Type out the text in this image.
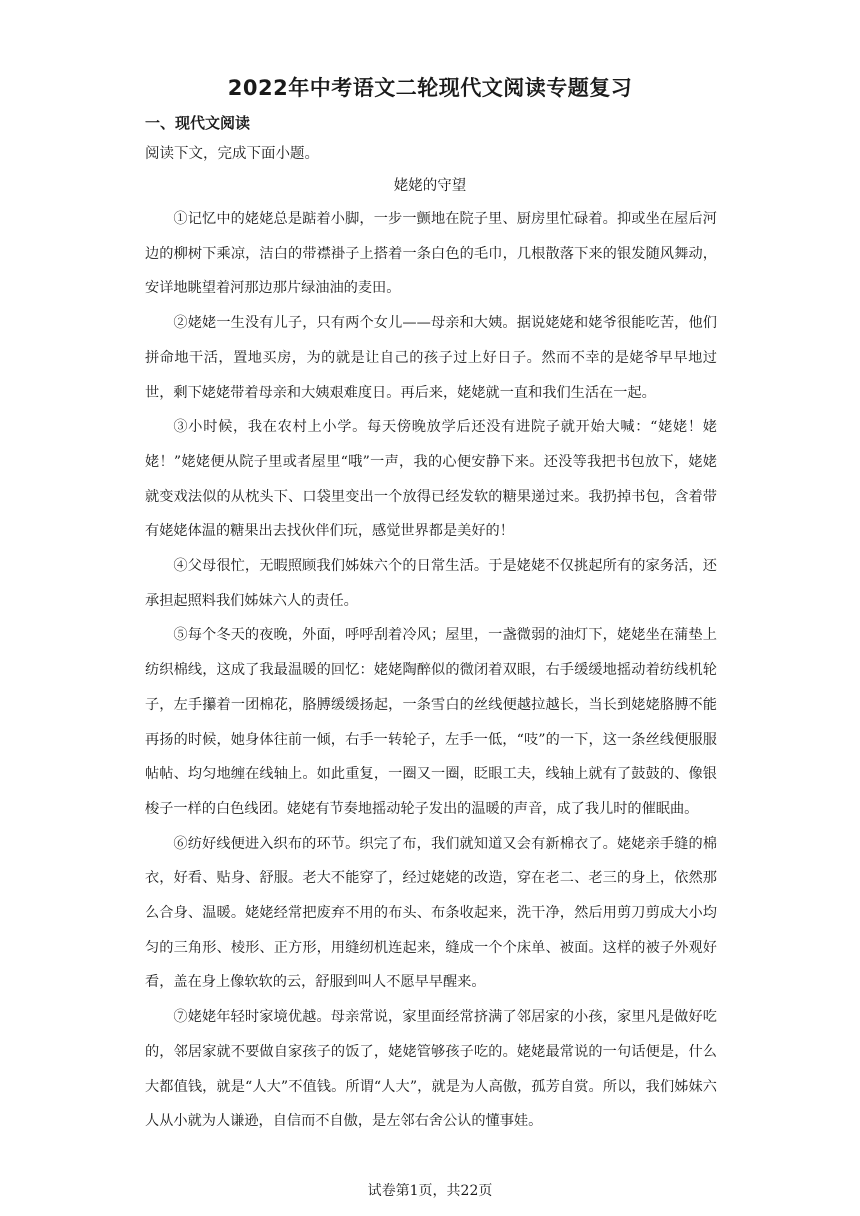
2022年中考语文二轮现代文阅读专题复习
一、现代文阅读
阅读下文，完成下面小题。
姥姥的守望

①记忆中的姥姥总是踮着小脚，一步一颤地在院子里、厨房里忙碌着。抑或坐在屋后河边的柳树下乘凉，洁白的带襟褂子上搭着一条白色的毛巾，几根散落下来的银发随风舞动，安详地眺望着河那边那片绿油油的麦田。

②姥姥一生没有儿子，只有两个女儿——母亲和大姨。据说姥姥和姥爷很能吃苦，他们拼命地干活，置地买房，为的就是让自己的孩子过上好日子。然而不幸的是姥爷早早地过世，剩下姥姥带着母亲和大姨艰难度日。再后来，姥姥就一直和我们生活在一起。

③小时候，我在农村上小学。每天傍晚放学后还没有进院子就开始大喊：“姥姥！姥姥！”姥姥便从院子里或者屋里“哦”一声，我的心便安静下来。还没等我把书包放下，姥姥就变戏法似的从枕头下、口袋里变出一个放得已经发软的糖果递过来。我扔掉书包，含着带有姥姥体温的糖果出去找伙伴们玩，感觉世界都是美好的！

④父母很忙，无暇照顾我们姊妹六个的日常生活。于是姥姥不仅挑起所有的家务活，还承担起照料我们姊妹六人的责任。

⑤每个冬天的夜晚，外面，呼呼刮着冷风；屋里，一盏微弱的油灯下，姥姥坐在蒲垫上纺织棉线，这成了我最温暖的回忆：姥姥陶醉似的微闭着双眼，右手缓缓地摇动着纺线机轮子，左手攥着一团棉花，胳膊缓缓扬起，一条雪白的丝线便越拉越长，当长到姥姥胳膊不能再扬的时候，她身体往前一倾，右手一转轮子，左手一低，“吱”的一下，这一条丝线便服服帖帖、均匀地缠在线轴上。如此重复，一圈又一圈，眨眼工夫，线轴上就有了鼓鼓的、像银梭子一样的白色线团。姥姥有节奏地摇动轮子发出的温暖的声音，成了我儿时的催眠曲。

⑥纺好线便进入织布的环节。织完了布，我们就知道又会有新棉衣了。姥姥亲手缝的棉衣，好看、贴身、舒服。老大不能穿了，经过姥姥的改造，穿在老二、老三的身上，依然那么合身、温暖。姥姥经常把废弃不用的布头、布条收起来，洗干净，然后用剪刀剪成大小均匀的三角形、棱形、正方形，用缝纫机连起来，缝成一个个床单、被面。这样的被子外观好看，盖在身上像软软的云，舒服到叫人不愿早早醒来。

⑦姥姥年轻时家境优越。母亲常说，家里面经常挤满了邻居家的小孩，家里凡是做好吃的，邻居家就不要做自家孩子的饭了，姥姥管够孩子吃的。姥姥最常说的一句话便是，什么大都值钱，就是“人大”不值钱。所谓“人大”，就是为人高傲，孤芳自赏。所以，我们姊妹六人从小就为人谦逊，自信而不自傲，是左邻右舍公认的懂事娃。

试卷第1页，共22页
